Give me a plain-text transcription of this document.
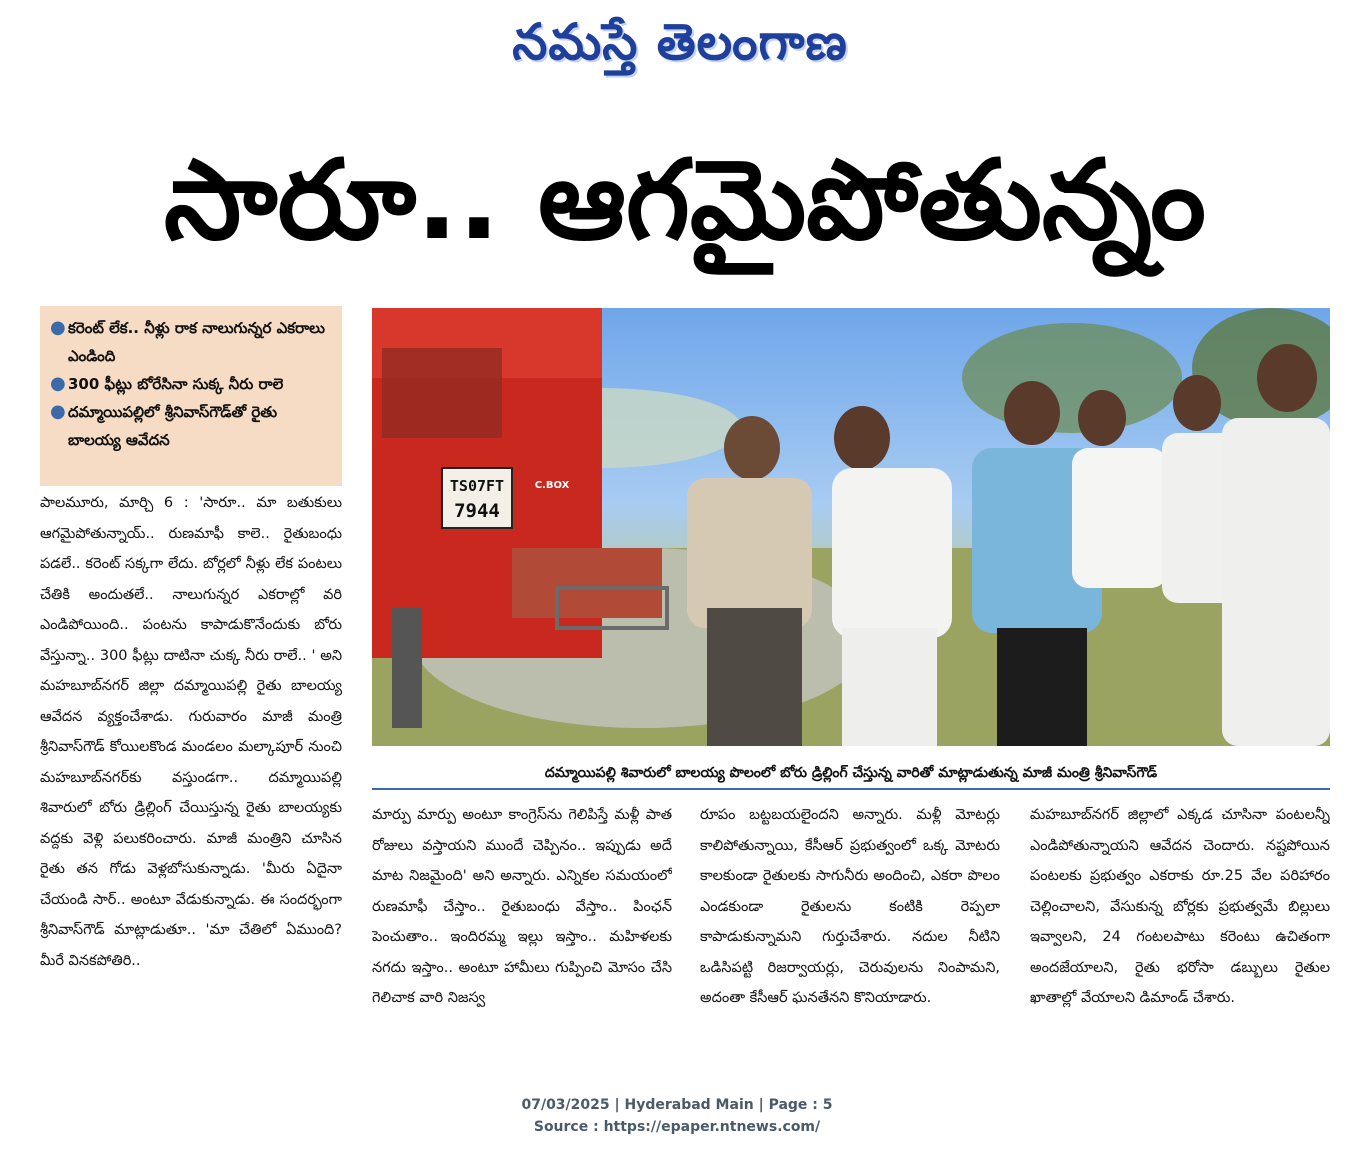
నమస్తే తెలంగాణ
సారూ.. ఆగమైపోతున్నం
● కరెంట్ లేక.. నీళ్లు రాక నాలుగున్నర ఎకరాలు ఎండింది
● 300 ఫీట్లు బోరేసినా సుక్క నీరు రాలె
● దమ్మాయిపల్లిలో శ్రీనివాస్‌గౌడ్‌తో రైతు బాలయ్య ఆవేదన
TS07FT
7944
C.BOX
దమ్మాయిపల్లి శివారులో బాలయ్య పొలంలో బోరు డ్రిల్లింగ్ చేస్తున్న వారితో మాట్లాడుతున్న మాజీ మంత్రి శ్రీనివాస్‌గౌడ్

పాలమూరు, మార్చి 6 : 'సారూ.. మా బతుకులు ఆగమైపోతున్నాయ్.. రుణమాఫీ కాలె.. రైతుబంధు పడలే.. కరెంట్ సక్కగా లేదు. బోర్లలో నీళ్లు లేక పంటలు చేతికి అందుతలే.. నాలుగున్నర ఎకరాల్లో వరి ఎండిపోయింది.. పంటను కాపాడుకొనేందుకు బోరు వేస్తున్నా.. 300 ఫీట్లు దాటినా చుక్క నీరు రాలే.. ' అని మహబూబ్‌నగర్ జిల్లా దమ్మాయిపల్లి రైతు బాలయ్య ఆవేదన వ్యక్తంచేశాడు. గురువారం మాజీ మంత్రి శ్రీనివాస్‌గౌడ్ కోయిలకొండ మండలం మల్కాపూర్ నుంచి మహబూబ్‌నగర్‌కు వస్తుండగా.. దమ్మాయిపల్లి శివారులో బోరు డ్రిల్లింగ్ చేయిస్తున్న రైతు బాలయ్యకు వద్దకు వెళ్లి పలుకరించారు. మాజీ మంత్రిని చూసిన రైతు తన గోడు వెళ్లబోసుకున్నాడు. 'మీరు ఏదైనా చేయండి సార్.. అంటూ వేడుకున్నాడు. ఈ సందర్భంగా శ్రీనివాస్‌గౌడ్ మాట్లాడుతూ.. 'మా చేతిలో ఏముంది? మీరే వినకపోతిరి..

మార్పు మార్పు అంటూ కాంగ్రెస్‌ను గెలిపిస్తే మళ్లీ పాత రోజులు వస్తాయని ముందే చెప్పినం.. ఇప్పుడు అదే మాట నిజమైంది' అని అన్నారు. ఎన్నికల సమయంలో రుణమాఫీ చేస్తాం.. రైతుబంధు వేస్తాం.. పింఛన్ పెంచుతాం.. ఇందిరమ్మ ఇల్లు ఇస్తాం.. మహిళలకు నగదు ఇస్తాం.. అంటూ హామీలు గుప్పించి మోసం చేసి గెలిచాక వారి నిజస్వ

రూపం బట్టబయలైందని అన్నారు. మళ్లీ మోటర్లు కాలిపోతున్నాయి, కేసీఆర్ ప్రభుత్వంలో ఒక్క మోటరు కాలకుండా రైతులకు సాగునీరు అందించి, ఎకరా పొలం ఎండకుండా రైతులను కంటికి రెప్పలా కాపాడుకున్నామని గుర్తుచేశారు. నదుల నీటిని ఒడిసిపట్టి రిజర్వాయర్లు, చెరువులను నింపామని, అదంతా కేసీఆర్ ఘనతేనని కొనియాడారు.

మహబూబ్‌నగర్ జిల్లాలో ఎక్కడ చూసినా పంటలన్నీ ఎండిపోతున్నాయని ఆవేదన చెందారు. నష్టపోయిన పంటలకు ప్రభుత్వం ఎకరాకు రూ.25 వేల పరిహారం చెల్లించాలని, వేసుకున్న బోర్లకు ప్రభుత్వమే బిల్లులు ఇవ్వాలని, 24 గంటలపాటు కరెంటు ఉచితంగా అందజేయాలని, రైతు భరోసా డబ్బులు రైతుల ఖాతాల్లో వేయాలని డిమాండ్ చేశారు.

07/03/2025 | Hyderabad Main | Page : 5
Source : https://epaper.ntnews.com/
